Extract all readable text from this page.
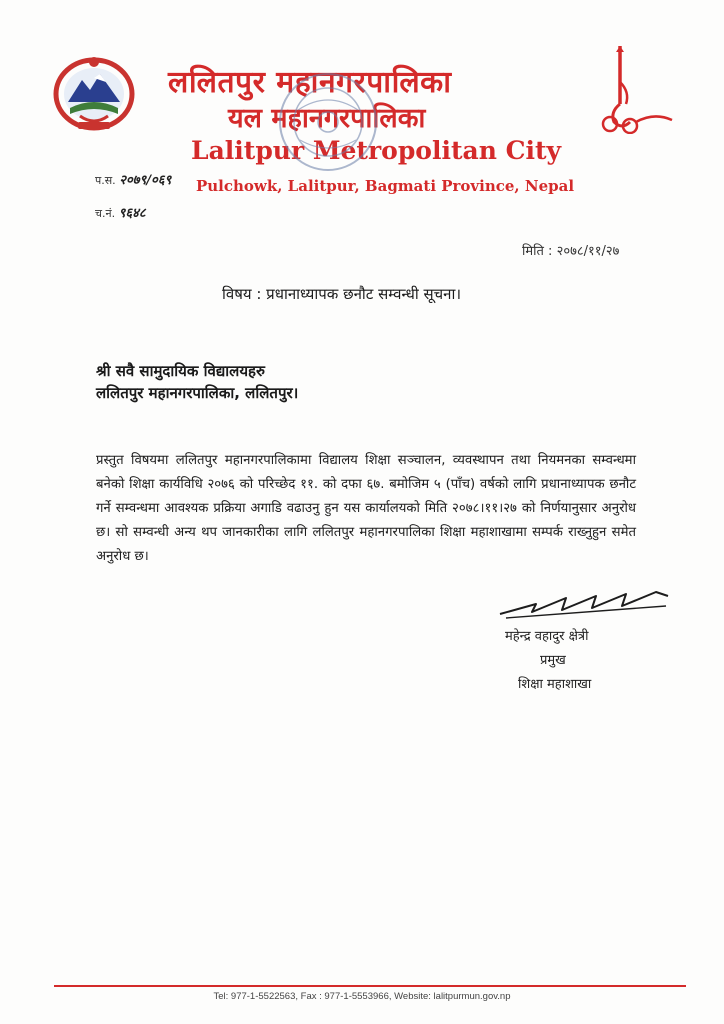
ललितपुर महानगरपालिका
यल महानगरपालिका
Lalitpur Metropolitan City
Pulchowk, Lalitpur, Bagmati Province, Nepal
प.स. २०७९/०६९
च.नं. ९६४८
मिति : २०७८/११/२७
विषय : प्रधानाध्यापक छनौट सम्वन्धी सूचना।
श्री सवै सामुदायिक विद्यालयहरु
ललितपुर महानगरपालिका, ललितपुर।
प्रस्तुत विषयमा ललितपुर महानगरपालिकामा विद्यालय शिक्षा सञ्चालन, व्यवस्थापन तथा नियमनका सम्वन्धमा बनेको शिक्षा कार्यविधि २०७६ को परिच्छेद ११. को दफा ६७. बमोजिम ५ (पाँच) वर्षको लागि प्रधानाध्यापक छनौट गर्ने सम्वन्धमा आवश्यक प्रक्रिया अगाडि वढाउनु हुन यस कार्यालयको मिति २०७८।११।२७ को निर्णयानुसार अनुरोध छ। सो सम्वन्धी अन्य थप जानकारीका लागि ललितपुर महानगरपालिका शिक्षा महाशाखामा सम्पर्क राख्नुहुन समेत अनुरोध छ।
महेन्द्र वहादुर क्षेत्री
प्रमुख
शिक्षा महाशाखा
Tel: 977-1-5522563, Fax : 977-1-5553966, Website: lalitpurmun.gov.np
